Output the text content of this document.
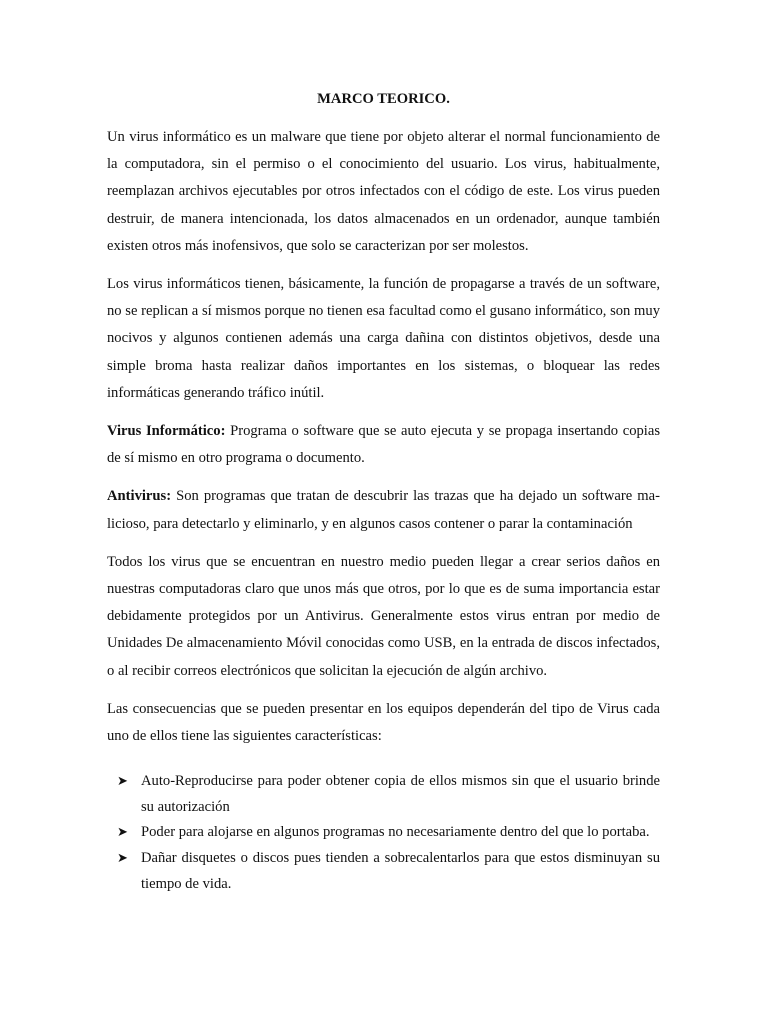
MARCO TEORICO.

Un virus informático es un malware que tiene por objeto alterar el normal funcionamiento de la computadora, sin el permiso o el conocimiento del usuario. Los virus, habitualmente, reemplazan archivos ejecutables por otros infectados con el código de este. Los virus pueden destruir, de manera intencionada, los datos almacenados en un ordenador, aunque también existen otros más inofensivos, que solo se caracterizan por ser molestos.

Los virus informáticos tienen, básicamente, la función de propagarse a través de un software, no se replican a sí mismos porque no tienen esa facultad como el gusano informático, son muy nocivos y algunos contienen además una carga dañina con distintos objetivos, desde una simple broma hasta realizar daños importantes en los sistemas, o bloquear las redes informáticas generando tráfico inútil.

Virus Informático: Programa o software que se auto ejecuta y se propaga insertando copias de sí mismo en otro programa o documento.

Antivirus: Son programas que tratan de descubrir las trazas que ha dejado un software malicioso, para detectarlo y eliminarlo, y en algunos casos contener o parar la contaminación

Todos los virus que se encuentran en nuestro medio pueden llegar a crear serios daños en nuestras computadoras claro que unos más que otros, por lo que es de suma importancia estar debidamente protegidos por un Antivirus. Generalmente estos virus entran por medio de Unidades De almacenamiento Móvil conocidas como USB, en la entrada de discos infectados, o al recibir correos electrónicos que solicitan la ejecución de algún archivo.

Las consecuencias que se pueden presentar en los equipos dependerán del tipo de Virus cada uno de ellos tiene las siguientes características:

➤ Auto-Reproducirse para poder obtener copia de ellos mismos sin que el usuario brinde su autorización
➤ Poder para alojarse en algunos programas no necesariamente dentro del que lo portaba.
➤ Dañar disquetes o discos pues tienden a sobrecalentarlos para que estos disminuyan su tiempo de vida.
